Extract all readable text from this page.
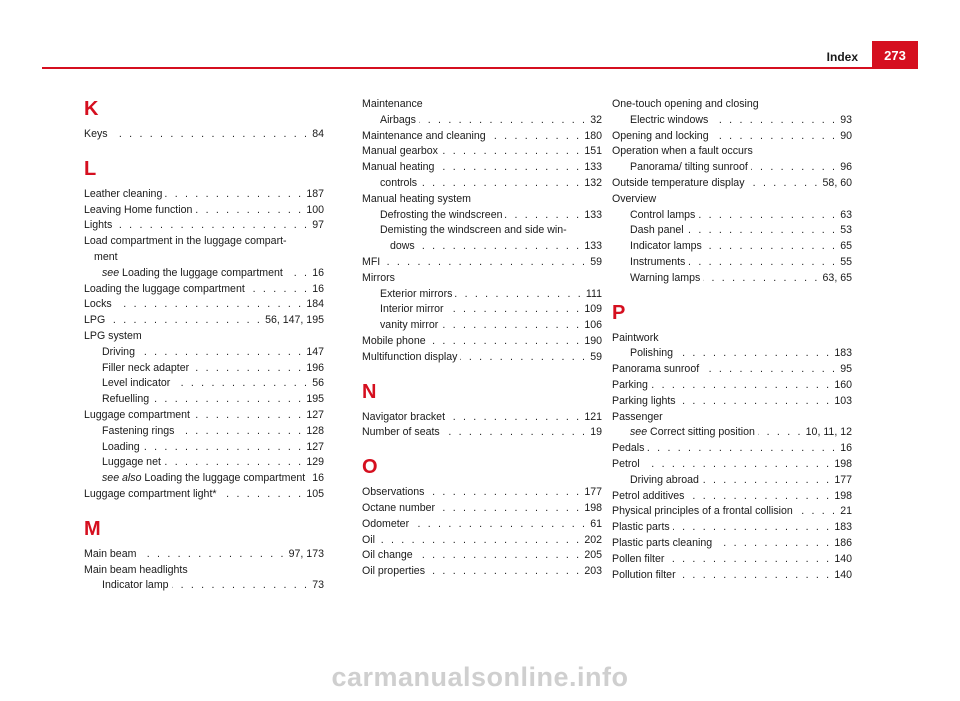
Index	273
K
Keys . . .	84
L
Leather cleaning . . .	187
Leaving Home function . . .	100
Lights . . .	97
Load compartment in the luggage compart-
ment
see Loading the luggage compartment . . .	16
Loading the luggage compartment . . .	16
Locks . . .	184
LPG . . .	56, 147, 195
LPG system
Driving . . .	147
Filler neck adapter . . .	196
Level indicator . . .	56
Refuelling . . .	195
Luggage compartment . . .	127
Fastening rings . . .	128
Loading . . .	127
Luggage net . . .	129
see also Loading the luggage compartment 16
Luggage compartment light* . . .	105
M
Main beam . . .	97, 173
Main beam headlights
Indicator lamp . . .	73
Maintenance
Airbags . . .	32
Maintenance and cleaning . . .	180
Manual gearbox . . .	151
Manual heating . . .	133
controls . . .	132
Manual heating system
Defrosting the windscreen . . .	133
Demisting the windscreen and side win-
dows . . .	133
MFI . . .	59
Mirrors
Exterior mirrors . . .	111
Interior mirror . . .	109
vanity mirror . . .	106
Mobile phone . . .	190
Multifunction display . . .	59
N
Navigator bracket . . .	121
Number of seats . . .	19
O
Observations . . .	177
Octane number . . .	198
Odometer . . .	61
Oil . . .	202
Oil change . . .	205
Oil properties . . .	203
One-touch opening and closing
Electric windows . . .	93
Opening and locking . . .	90
Operation when a fault occurs
Panorama/ tilting sunroof . . .	96
Outside temperature display . . .	58, 60
Overview
Control lamps . . .	63
Dash panel . . .	53
Indicator lamps . . .	65
Instruments . . .	55
Warning lamps . . .	63, 65
P
Paintwork
Polishing . . .	183
Panorama sunroof . . .	95
Parking . . .	160
Parking lights . . .	103
Passenger
see Correct sitting position . . .	10, 11, 12
Pedals . . .	16
Petrol . . .	198
Driving abroad . . .	177
Petrol additives . . .	198
Physical principles of a frontal collision . . .	21
Plastic parts . . .	183
Plastic parts cleaning . . .	186
Pollen filter . . .	140
Pollution filter . . .	140
carmanualsonline.info
